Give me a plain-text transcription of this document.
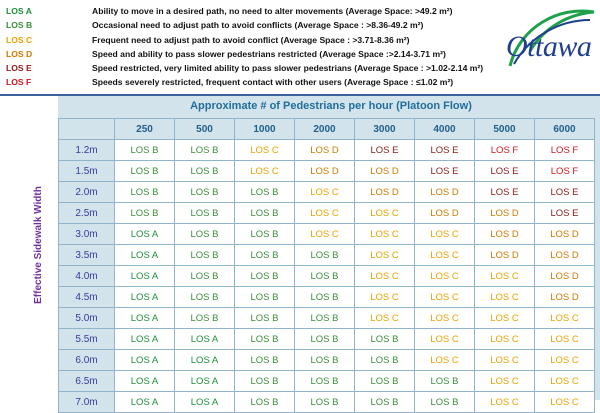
LOS A	Ability to move in a desired path, no need to alter movements (Average Space: >49.2 m²)
LOS B	Occasional need to adjust path to avoid conflicts (Average Space : >8.36-49.2 m²)
LOS C	Frequent need to adjust path to avoid conflict (Average Space : >3.71-8.36 m²)
LOS D	Speed and ability to pass slower pedestrians restricted (Average Space :>2.14-3.71 m²)
LOS E	Speed restricted, very limited ability to pass slower pedestrians (Average Space : >1.02-2.14 m²)
LOS F	Speeds severely restricted, frequent contact with other users (Average Space : ≤1.02 m²)
Ottawa
Effective Sidewalk Width
Approximate # of Pedestrians per hour (Platoon Flow)
	250	500	1000	2000	3000	4000	5000	6000
1.2m	LOS B	LOS B	LOS C	LOS D	LOS E	LOS E	LOS F	LOS F
1.5m	LOS B	LOS B	LOS C	LOS D	LOS D	LOS E	LOS E	LOS F
2.0m	LOS B	LOS B	LOS B	LOS C	LOS D	LOS D	LOS E	LOS E
2.5m	LOS B	LOS B	LOS B	LOS C	LOS C	LOS D	LOS D	LOS E
3.0m	LOS A	LOS B	LOS B	LOS C	LOS C	LOS C	LOS D	LOS D
3.5m	LOS A	LOS B	LOS B	LOS B	LOS C	LOS C	LOS D	LOS D
4.0m	LOS A	LOS B	LOS B	LOS B	LOS C	LOS C	LOS C	LOS D
4.5m	LOS A	LOS B	LOS B	LOS B	LOS C	LOS C	LOS C	LOS D
5.0m	LOS A	LOS B	LOS B	LOS B	LOS C	LOS C	LOS C	LOS C
5.5m	LOS A	LOS A	LOS B	LOS B	LOS B	LOS C	LOS C	LOS C
6.0m	LOS A	LOS A	LOS B	LOS B	LOS B	LOS C	LOS C	LOS C
6.5m	LOS A	LOS A	LOS B	LOS B	LOS B	LOS B	LOS C	LOS C
7.0m	LOS A	LOS A	LOS B	LOS B	LOS B	LOS B	LOS C	LOS C
